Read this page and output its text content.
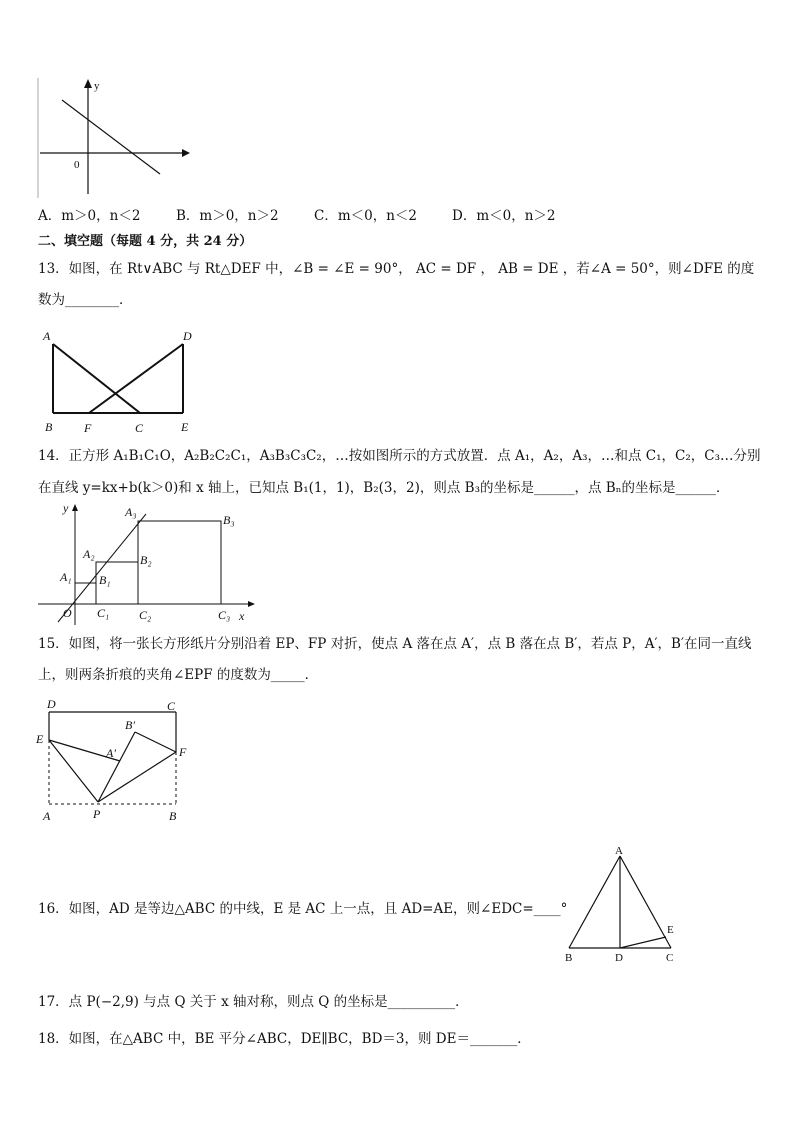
y
0
A．m＞0，n＜2	B．m＞0，n＞2	C．m＜0，n＜2	D．m＜0，n＞2
二、填空题（每题 4 分，共 24 分）
13．如图，在 Rt∨ABC 与 Rt△DEF 中，∠B = ∠E = 90°， AC = DF ， AB = DE ，若∠A = 50°，则∠DFE 的度
数为________．
A	D
B	F	C	E
14．正方形 A₁B₁C₁O，A₂B₂C₂C₁，A₃B₃C₃C₂，…按如图所示的方式放置．点 A₁，A₂，A₃，…和点 C₁，C₂，C₃…分别
在直线 y=kx+b(k＞0)和 x 轴上，已知点 B₁(1，1)，B₂(3，2)，则点 B₃的坐标是______，点 Bₙ的坐标是______．
y
x
O
A₁
A₂
A₃
B₁
B₂
B₃
C₁ C₂	C₃
15．如图，将一张长方形纸片分别沿着 EP、FP 对折，使点 A 落在点 A′，点 B 落在点 B′，若点 P，A′，B′在同一直线
上，则两条折痕的夹角∠EPF 的度数为_____．
D	C
E
F
B′
A′
A	P	B
16．如图，AD 是等边△ABC 的中线，E 是 AC 上一点，且 AD=AE，则∠EDC=____°
A
B	D	C
E
17．点 P(−2,9) 与点 Q 关于 x 轴对称，则点 Q 的坐标是__________．
18．如图，在△ABC 中，BE 平分∠ABC，DE∥BC，BD＝3，则 DE＝_______．
